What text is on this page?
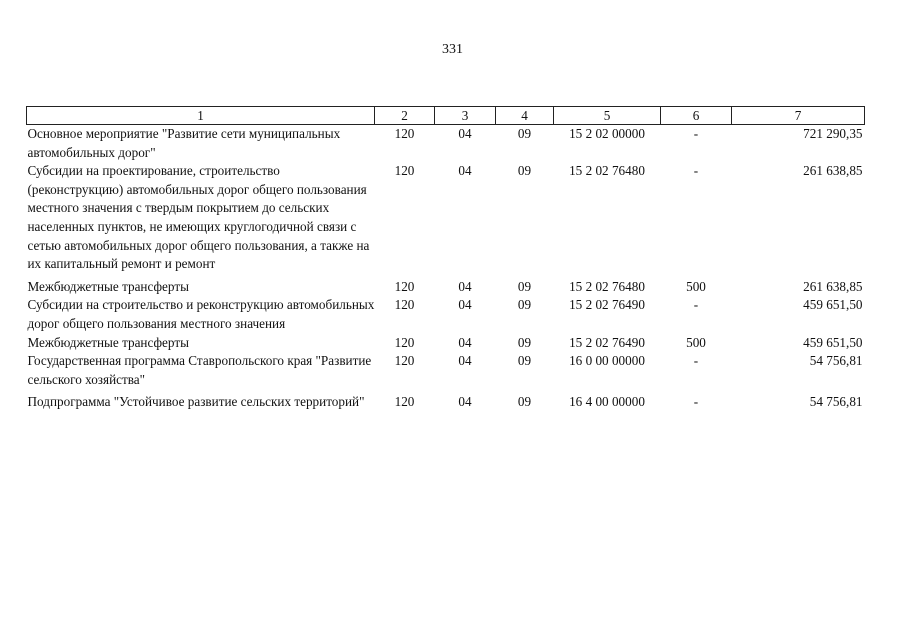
331
1	2	3	4	5	6	7
Основное мероприятие "Развитие сети муниципальных автомобильных дорог"	120	04	09	15 2 02 00000	-	721 290,35
Субсидии на проектирование, строительство (реконструкцию) автомобильных дорог общего пользования местного значения с твердым покрытием до сельских населенных пунктов, не имеющих круглогодичной связи с сетью автомобильных дорог общего пользования, а также на их капитальный ремонт и ремонт	120	04	09	15 2 02 76480	-	261 638,85
Межбюджетные трансферты	120	04	09	15 2 02 76480	500	261 638,85
Субсидии на строительство и реконструкцию автомобильных дорог общего пользования местного значения	120	04	09	15 2 02 76490	-	459 651,50
Межбюджетные трансферты	120	04	09	15 2 02 76490	500	459 651,50
Государственная программа Ставропольского края "Развитие сельского хозяйства"	120	04	09	16 0 00 00000	-	54 756,81
Подпрограмма "Устойчивое развитие сельских территорий"	120	04	09	16 4 00 00000	-	54 756,81
